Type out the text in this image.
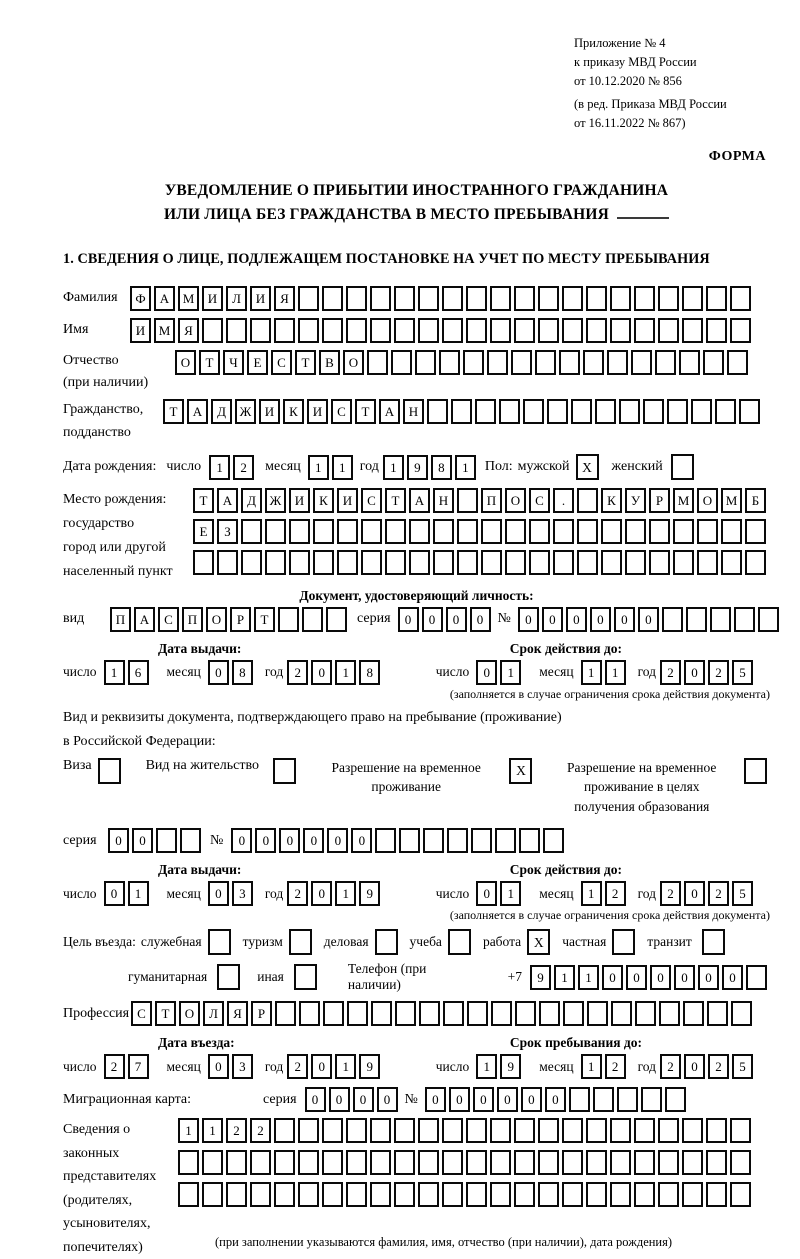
Приложение № 4
к приказу МВД России
от 10.12.2020 № 856
(в ред. Приказа МВД России
от 16.11.2022 № 867)
ФОРМА
УВЕДОМЛЕНИЕ О ПРИБЫТИИ ИНОСТРАННОГО ГРАЖДАНИНА
ИЛИ ЛИЦА БЕЗ ГРАЖДАНСТВА В МЕСТО ПРЕБЫВАНИЯ
1. СВЕДЕНИЯ О ЛИЦЕ, ПОДЛЕЖАЩЕМ ПОСТАНОВКЕ НА УЧЕТ ПО МЕСТУ ПРЕБЫВАНИЯ
Фамилия	Ф	А	М	И	Л	И	Я
Имя	И	М	Я
Отчество
(при наличии)
О	Т	Ч	Е	С	Т	В	О
Гражданство,
подданство
Т	А	Д	Ж	И	К	И	С	Т	А	Н
Дата рождения: число	1	2	месяц	1	1	год 1	9	8	1	Пол: мужской X	женский
Место рождения:
государство
город или другой
населенный пункт
Т	А	Д	Ж	И	К	И	С	Т	А	Н	П	О	С	.	К	У	Р	М	О	М	Б
Е	З
Документ, удостоверяющий личность:
вид	П	А	С	П	О	Р	Т	серия	0	0	0	0	№	0	0	0	0	0	0
Дата выдачи:	Срок действия до:
число	1	6	месяц	0	8	год 2	0	1	8	число	0	1	месяц	1	1	год 2	0	2	5
(заполняется в случае ограничения срока действия документа)
Вид и реквизиты документа, подтверждающего право на пребывание (проживание)
в Российской Федерации:
Виза	Вид на жительство	Разрешение на временное
проживание
X	Разрешение на временное
проживание в целях
получения образования
серия	0	0	№	0	0	0	0	0	0
Дата выдачи:	Срок действия до:
число	0	1	месяц	0	3	год 2	0	1	9	число	0	1	месяц	1	2	год 2	0	2	5
(заполняется в случае ограничения срока действия документа)
Цель въезда: служебная	туризм	деловая	учеба	работа X	частная	транзит
гуманитарная	иная
Телефон (при наличии)
+7	9	1	1	0	0	0	0	0	0
Профессия С	Т	О	Л	Я	Р
Дата въезда:	Срок пребывания до:
число	2	7	месяц	0	3	год 2	0	1	9	число	1	9	месяц	1	2	год 2	0	2	5
Миграционная карта:	серия	0	0	0	0	№	0	0	0	0	0	0
Сведения о
законных
представителях
(родителях,
усыновителях,
попечителях)
1	1	2	2
(при заполнении указываются фамилия, имя, отчество (при наличии), дата рождения)
